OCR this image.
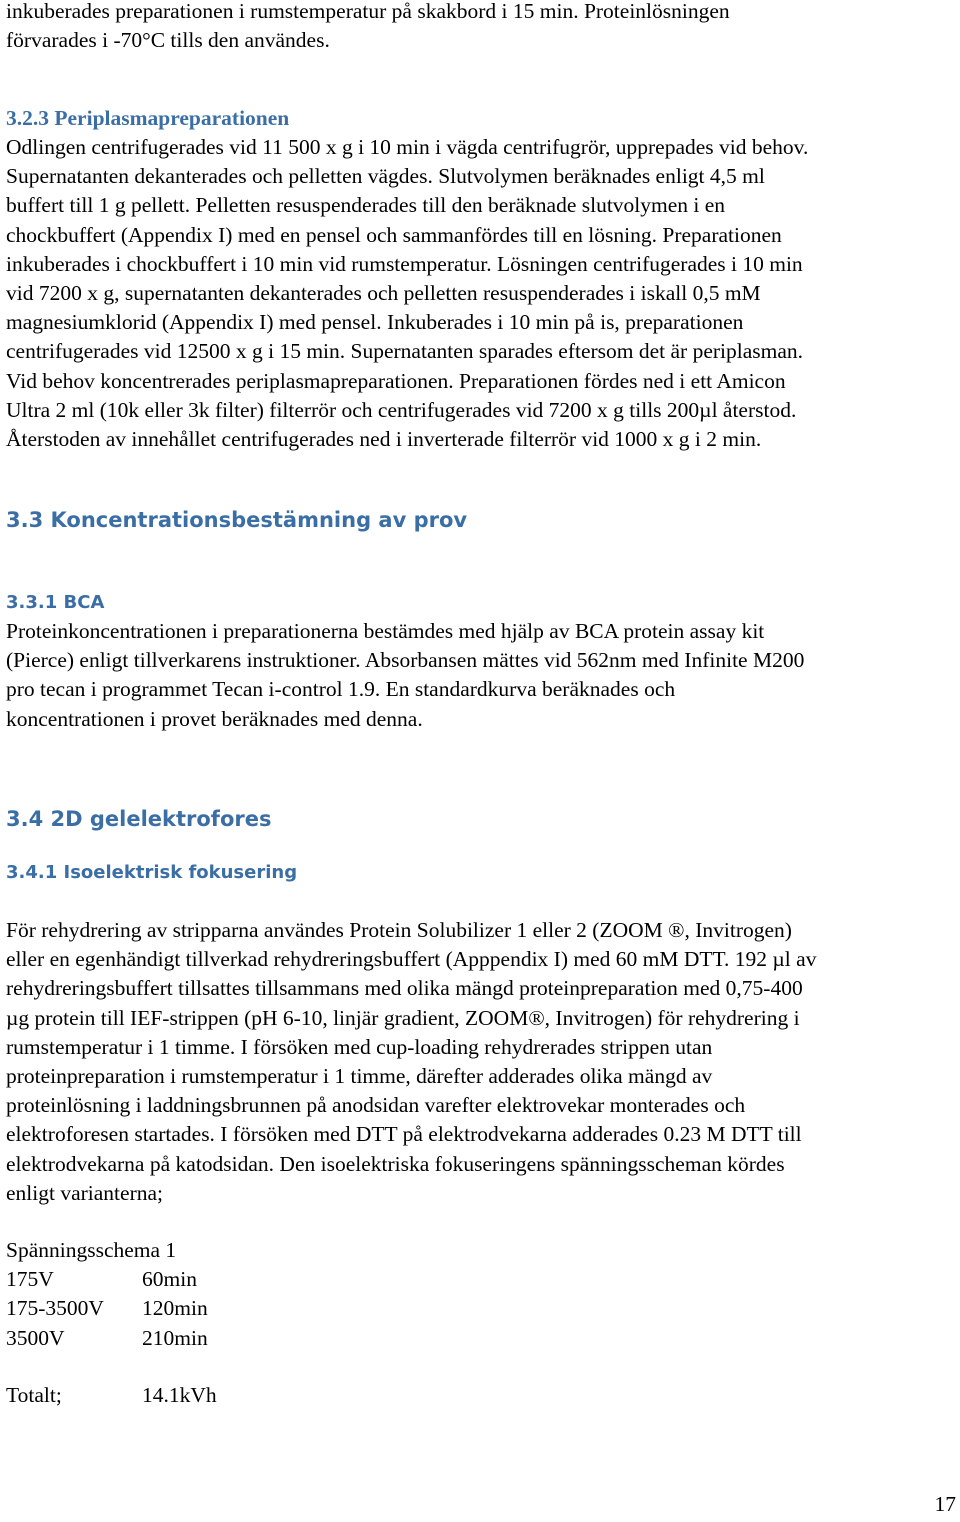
inkuberades preparationen i rumstemperatur på skakbord i 15 min. Proteinlösningen

förvarades i -70°C tills den användes.

3.2.3 Periplasmapreparationen

Odlingen centrifugerades vid 11 500 x g i 10 min i vägda centrifugrör, upprepades vid behov.

Supernatanten dekanterades och pelletten vägdes. Slutvolymen beräknades enligt 4,5 ml

buffert till 1 g pellett. Pelletten resuspenderades till den beräknade slutvolymen i en

chockbuffert (Appendix I) med en pensel och sammanfördes till en lösning. Preparationen

inkuberades i chockbuffert i 10 min vid rumstemperatur. Lösningen centrifugerades i 10 min

vid 7200 x g, supernatanten dekanterades och pelletten resuspenderades i iskall 0,5 mM

magnesiumklorid (Appendix I) med pensel. Inkuberades i 10 min på is, preparationen

centrifugerades vid 12500 x g i 15 min. Supernatanten sparades eftersom det är periplasman.

Vid behov koncentrerades periplasmapreparationen. Preparationen fördes ned i ett Amicon

Ultra 2 ml (10k eller 3k filter) filterrör och centrifugerades vid 7200 x g tills 200µl återstod.

Återstoden av innehållet centrifugerades ned i inverterade filterrör vid 1000 x g i 2 min.

3.3 Koncentrationsbestämning av prov

3.3.1 BCA

Proteinkoncentrationen i preparationerna bestämdes med hjälp av BCA protein assay kit

(Pierce) enligt tillverkarens instruktioner. Absorbansen mättes vid 562nm med Infinite M200

pro tecan i programmet Tecan i-control 1.9. En standardkurva beräknades och

koncentrationen i provet beräknades med denna.

3.4 2D gelelektrofores

3.4.1 Isoelektrisk fokusering

För rehydrering av stripparna användes Protein Solubilizer 1 eller 2 (ZOOM ®, Invitrogen)

eller en egenhändigt tillverkad rehydreringsbuffert (Apppendix I) med 60 mM DTT. 192 µl av

rehydreringsbuffert tillsattes tillsammans med olika mängd proteinpreparation med 0,75-400

µg protein till IEF-strippen (pH 6-10, linjär gradient, ZOOM®, Invitrogen) för rehydrering i

rumstemperatur i 1 timme. I försöken med cup-loading rehydrerades strippen utan

proteinpreparation i rumstemperatur i 1 timme, därefter adderades olika mängd av

proteinlösning i laddningsbrunnen på anodsidan varefter elektrovekar monterades och

elektroforesen startades. I försöken med DTT på elektrodvekarna adderades 0.23 M DTT till

elektrodvekarna på katodsidan. Den isoelektriska fokuseringens spänningsscheman kördes

enligt varianterna;

Spänningsschema 1

175V	60min
175-3500V	120min
3500V	210min
Totalt;	14.1kVh
17
